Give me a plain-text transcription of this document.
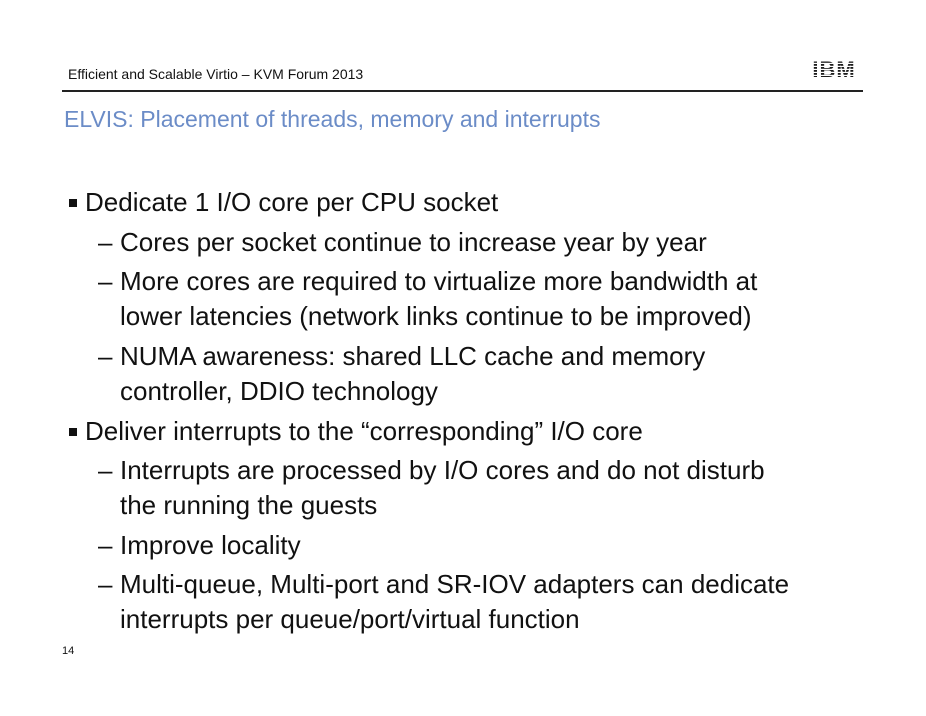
Efficient and Scalable Virtio – KVM Forum 2013
ELVIS: Placement of threads, memory and interrupts
Dedicate 1 I/O core per CPU socket
– Cores per socket continue to increase year by year
– More cores are required to virtualize more bandwidth at
lower latencies (network links continue to be improved)
– NUMA awareness: shared LLC cache and memory
controller, DDIO technology
Deliver interrupts to the “corresponding” I/O core
– Interrupts are processed by I/O cores and do not disturb
the running the guests
– Improve locality
– Multi-queue, Multi-port and SR-IOV adapters can dedicate
interrupts per queue/port/virtual function
14
